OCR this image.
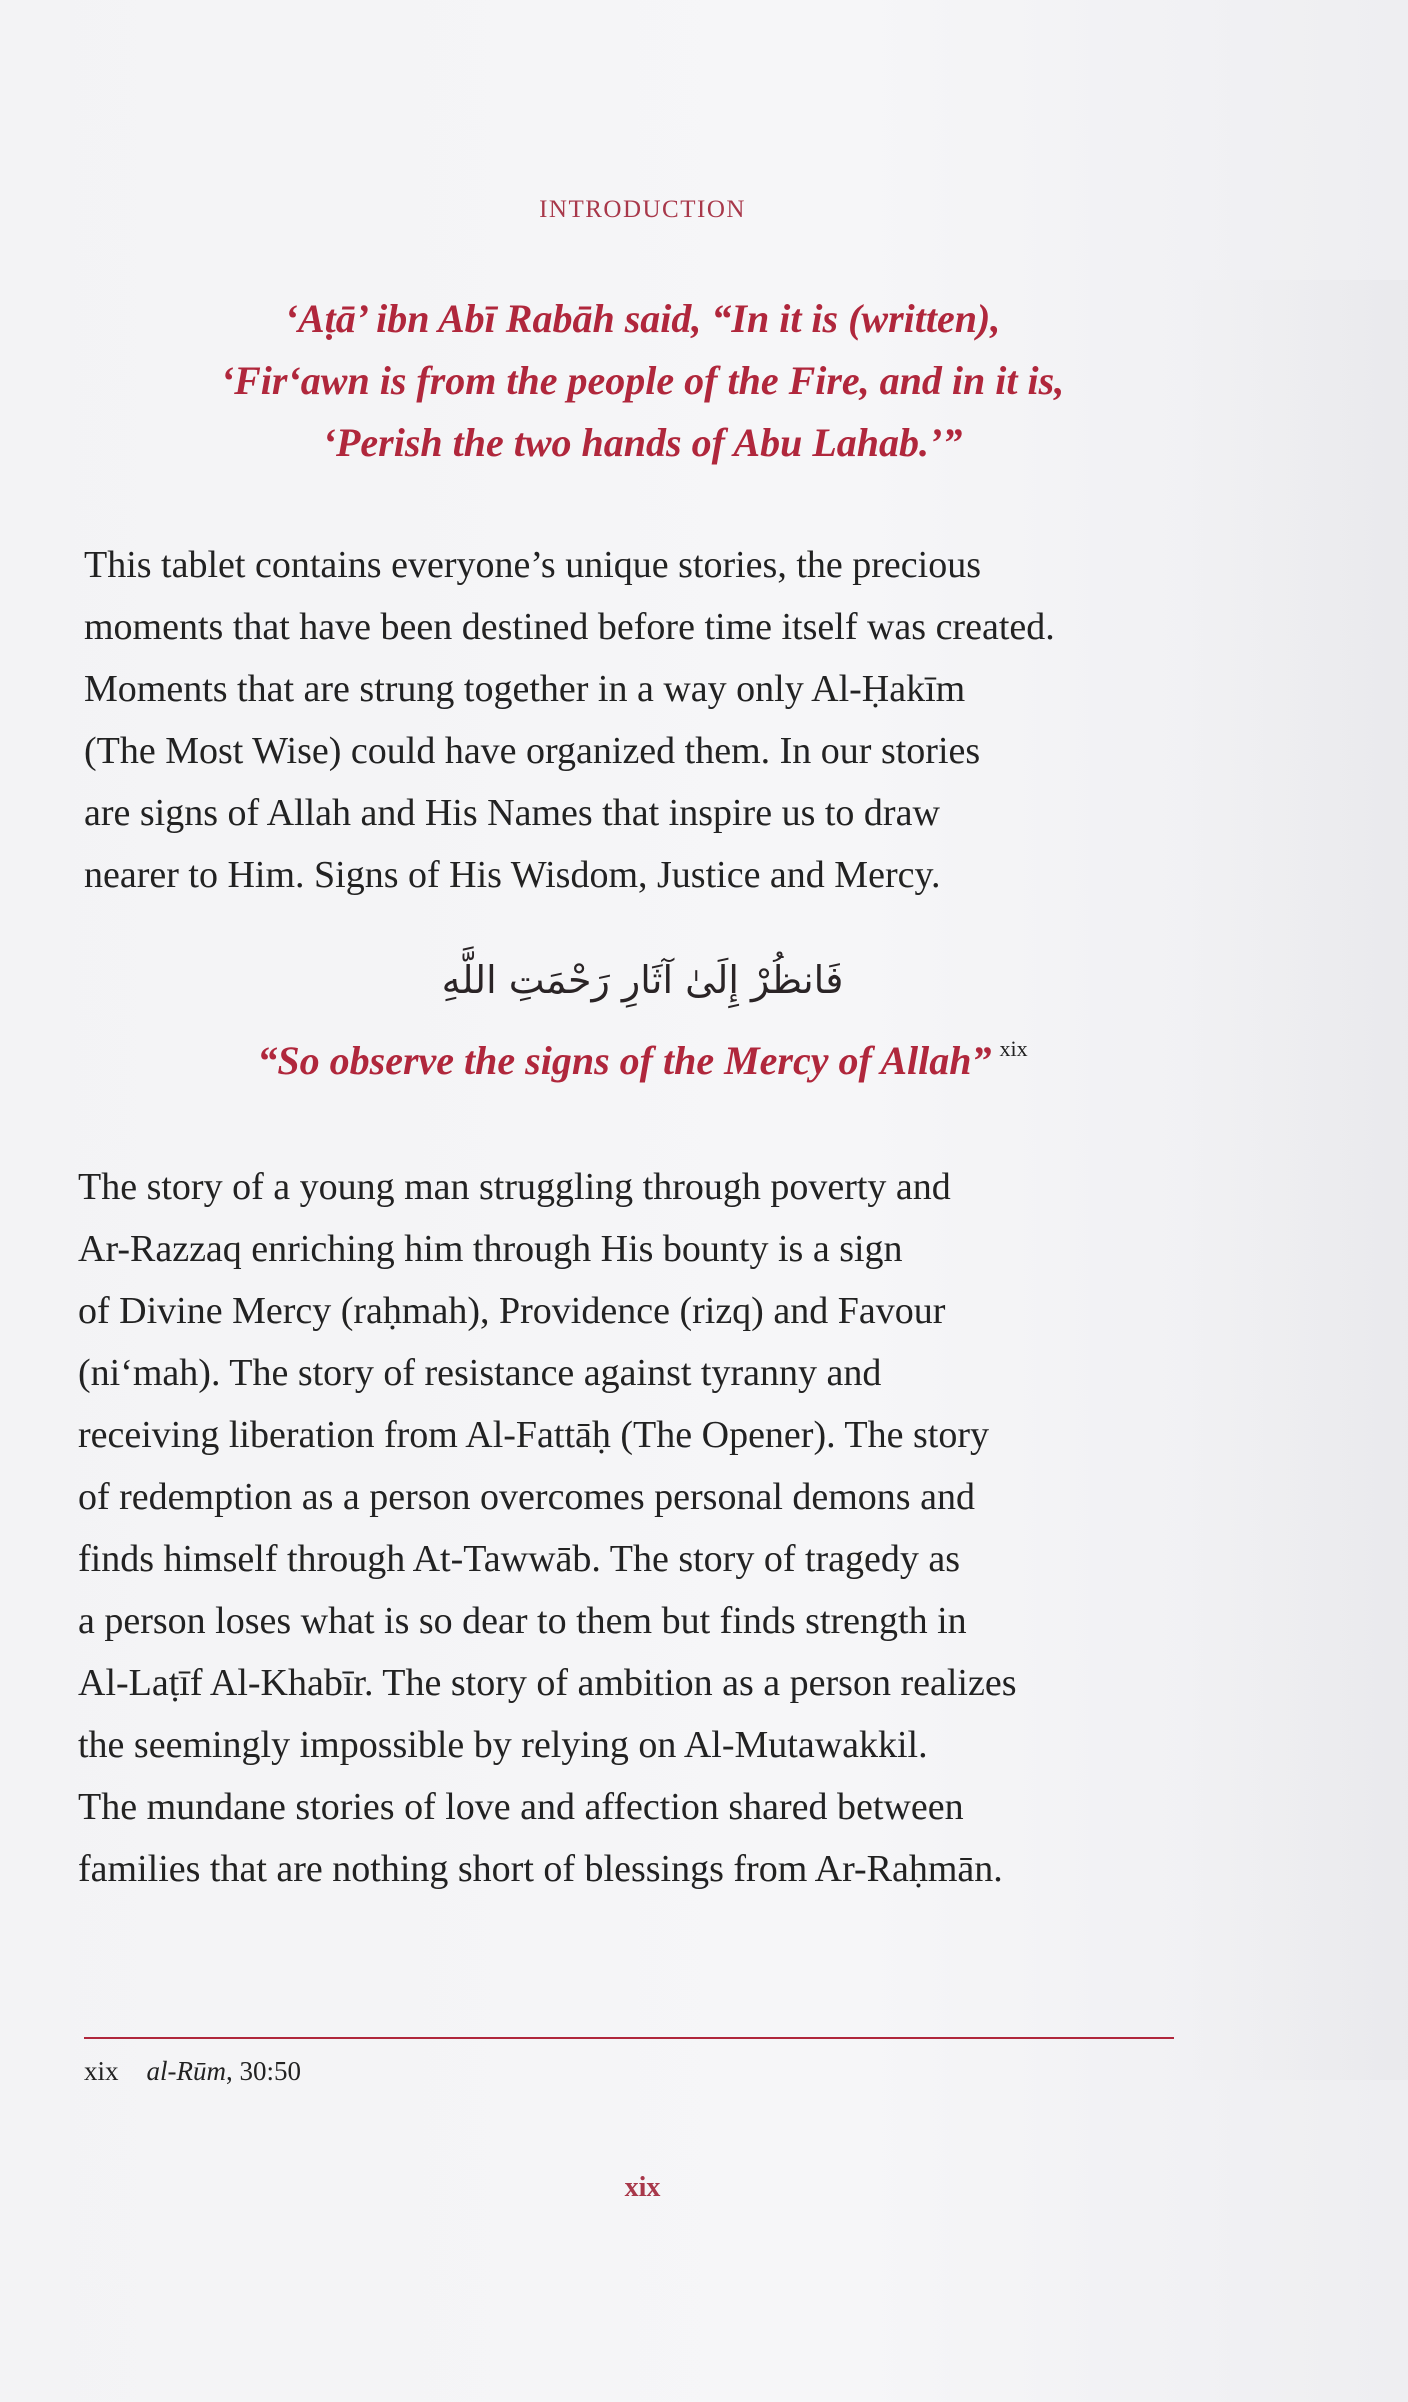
INTRODUCTION
‘Aṭā’ ibn Abī Rabāh said, “In it is (written),
‘Fir‘awn is from the people of the Fire, and in it is,
‘Perish the two hands of Abu Lahab.’”
This tablet contains everyone’s unique stories, the precious
moments that have been destined before time itself was created.
Moments that are strung together in a way only Al-Ḥakīm
(The Most Wise) could have organized them. In our stories
are signs of Allah and His Names that inspire us to draw
nearer to Him. Signs of His Wisdom, Justice and Mercy.
فَانظُرْ إِلَىٰ آثَارِ رَحْمَتِ اللَّهِ
“So observe the signs of the Mercy of Allah” $^{xix}$
The story of a young man struggling through poverty and
Ar-Razzaq enriching him through His bounty is a sign
of Divine Mercy (raḥmah), Providence (rizq) and Favour
(ni‘mah). The story of resistance against tyranny and
receiving liberation from Al-Fattāḥ (The Opener). The story
of redemption as a person overcomes personal demons and
finds himself through At-Tawwāb. The story of tragedy as
a person loses what is so dear to them but finds strength in
Al-Laṭīf Al-Khabīr. The story of ambition as a person realizes
the seemingly impossible by relying on Al-Mutawakkil.
The mundane stories of love and affection shared between
families that are nothing short of blessings from Ar-Raḥmān.
xix al-Rūm, 30:50
xix
